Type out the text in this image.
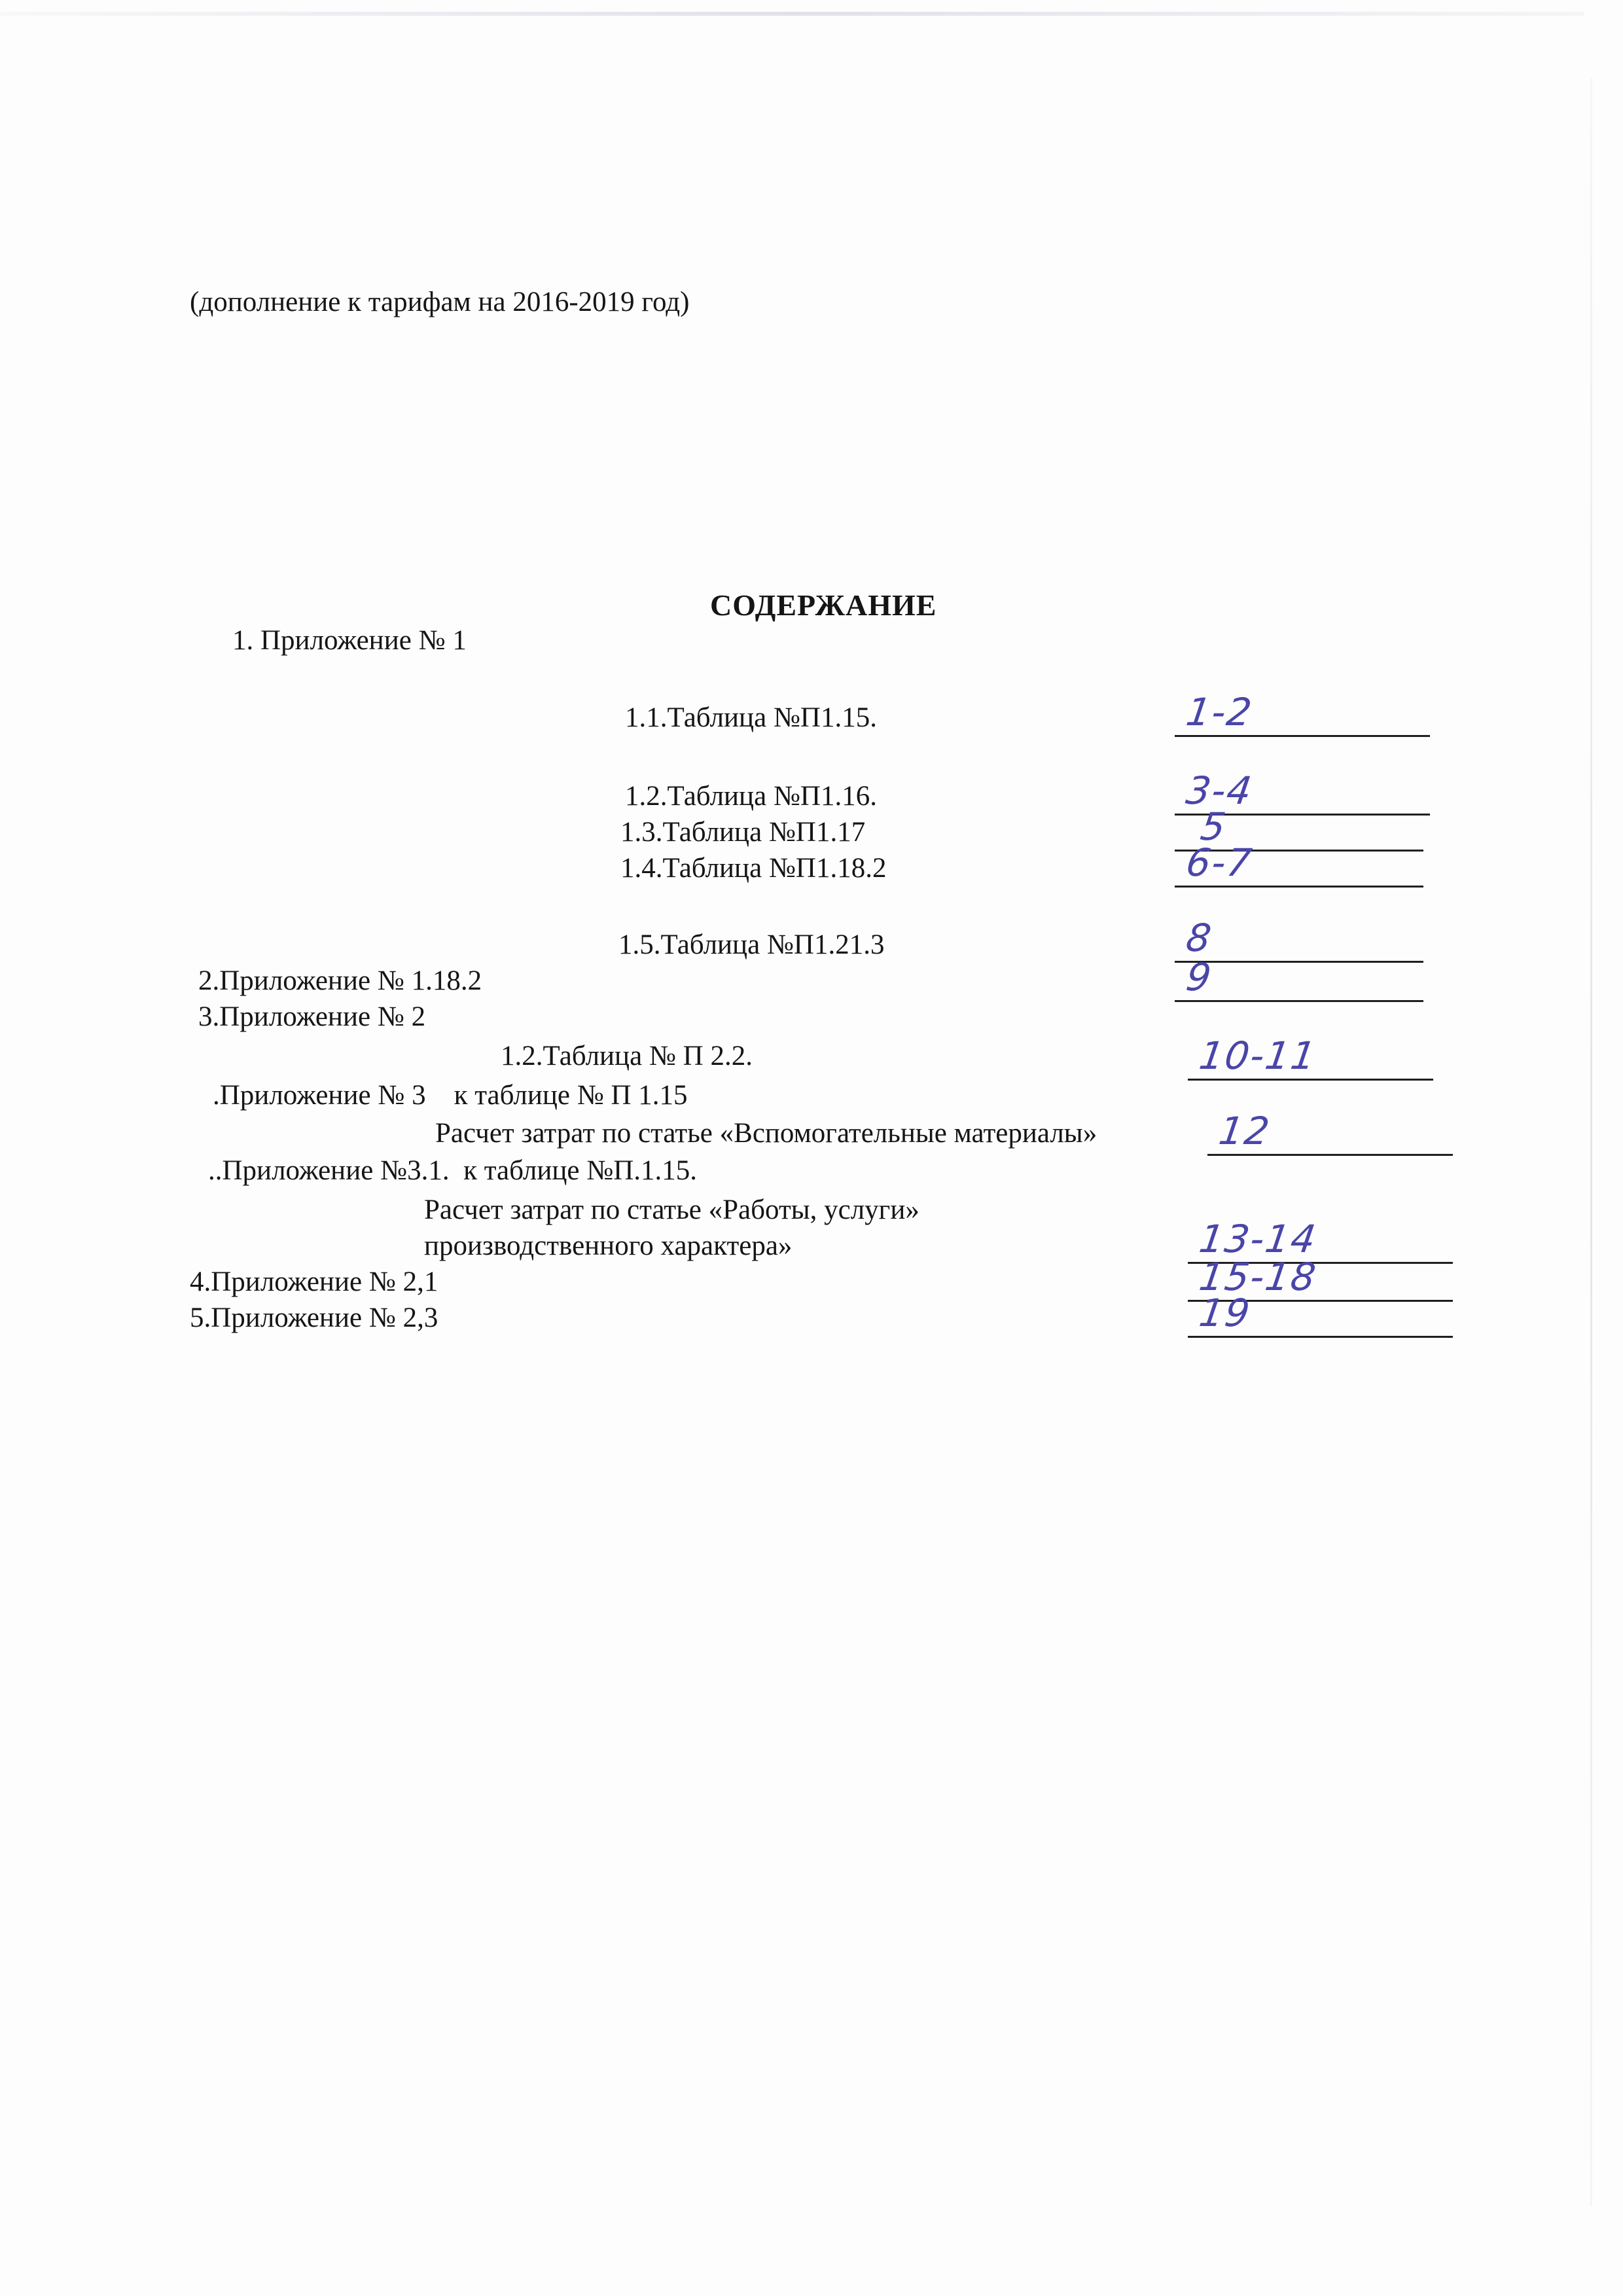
(дополнение к тарифам на 2016-2019 год)
СОДЕРЖАНИЕ
1. Приложение № 1
1.1.Таблица №П1.15.	1-2
1.2.Таблица №П1.16.	3-4
1.3.Таблица №П1.17	5
1.4.Таблица №П1.18.2	6-7
1.5.Таблица №П1.21.3	8
2.Приложение № 1.18.2	9
3.Приложение № 2
1.2.Таблица № П 2.2.	10-11
.Приложение № 3    к таблице № П 1.15
Расчет затрат по статье «Вспомогательные материалы»	12
..Приложение №3.1.  к таблице №П.1.15.
Расчет затрат по статье «Работы, услуги»
производственного характера»	13-14
4.Приложение № 2,1	15-18
5.Приложение № 2,3	19
